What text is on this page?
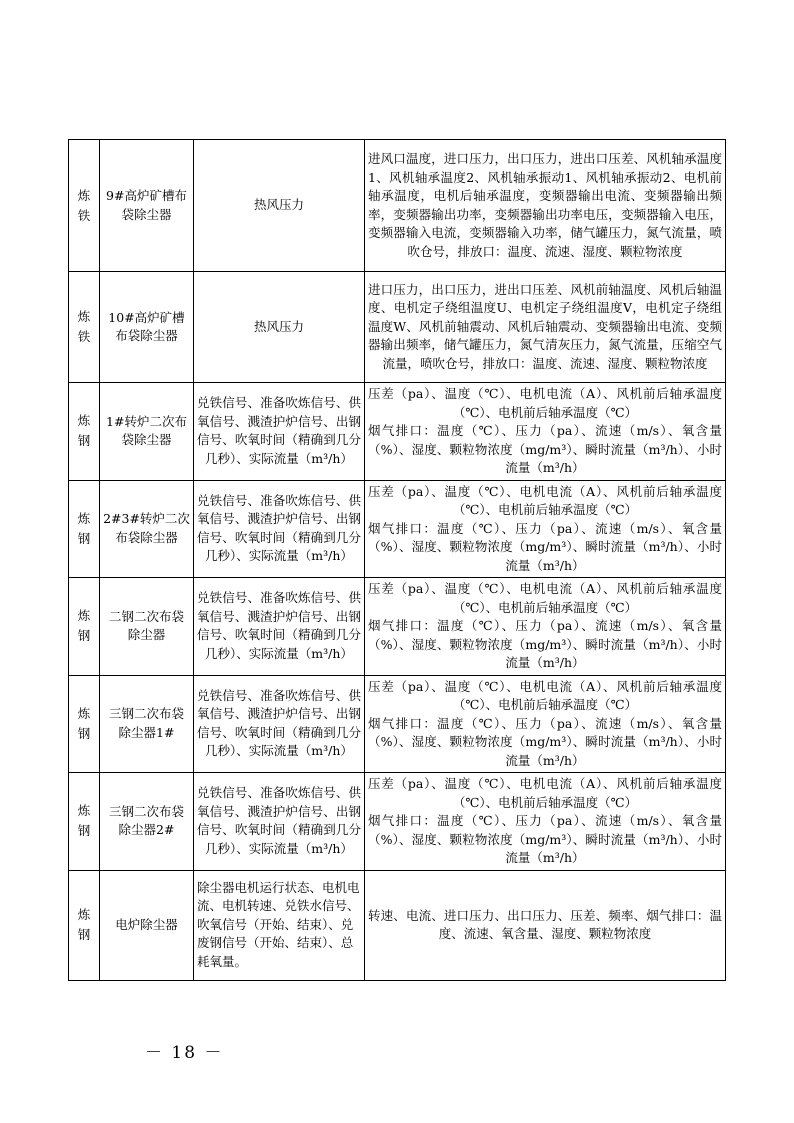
炼铁	9#高炉矿槽布袋除尘器	热风压力	进风口温度，进口压力，出口压力，进出口压差、风机轴承温度1、风机轴承温度2、风机轴承振动1、风机轴承振动2、电机前轴承温度，电机后轴承温度，变频器输出电流、变频器输出频率，变频器输出功率，变频器输出功率电压，变频器输入电压，变频器输入电流，变频器输入功率，储气罐压力，氮气流量，喷吹仓号，排放口：温度、流速、湿度、颗粒物浓度

炼铁	10#高炉矿槽布袋除尘器	热风压力	进口压力，出口压力，进出口压差、风机前轴温度、风机后轴温度、电机定子绕组温度U、电机定子绕组温度V，电机定子绕组温度W、风机前轴震动、风机后轴震动、变频器输出电流、变频器输出频率，储气罐压力，氮气清灰压力，氮气流量，压缩空气流量，喷吹仓号，排放口：温度、流速、湿度、颗粒物浓度

炼钢	1#转炉二次布袋除尘器	兑铁信号、准备吹炼信号、供氧信号、溅渣护炉信号、出钢信号、吹氧时间（精确到几分几秒）、实际流量（m³/h）	压差（pa）、温度（℃）、电机电流（A）、风机前后轴承温度（℃）、电机前后轴承温度（℃）
烟气排口：温度（℃）、压力（pa）、流速（m/s）、氧含量（%）、湿度、颗粒物浓度（mg/m³）、瞬时流量（m³/h）、小时流量（m³/h）

炼钢	2#3#转炉二次布袋除尘器	兑铁信号、准备吹炼信号、供氧信号、溅渣护炉信号、出钢信号、吹氧时间（精确到几分几秒）、实际流量（m³/h）	压差（pa）、温度（℃）、电机电流（A）、风机前后轴承温度（℃）、电机前后轴承温度（℃）
烟气排口：温度（℃）、压力（pa）、流速（m/s）、氧含量（%）、湿度、颗粒物浓度（mg/m³）、瞬时流量（m³/h）、小时流量（m³/h）

炼钢	二钢二次布袋除尘器	兑铁信号、准备吹炼信号、供氧信号、溅渣护炉信号、出钢信号、吹氧时间（精确到几分几秒）、实际流量（m³/h）	压差（pa）、温度（℃）、电机电流（A）、风机前后轴承温度（℃）、电机前后轴承温度（℃）
烟气排口：温度（℃）、压力（pa）、流速（m/s）、氧含量（%）、湿度、颗粒物浓度（mg/m³）、瞬时流量（m³/h）、小时流量（m³/h）

炼钢	三钢二次布袋除尘器1#	兑铁信号、准备吹炼信号、供氧信号、溅渣护炉信号、出钢信号、吹氧时间（精确到几分几秒）、实际流量（m³/h）	压差（pa）、温度（℃）、电机电流（A）、风机前后轴承温度（℃）、电机前后轴承温度（℃）
烟气排口：温度（℃）、压力（pa）、流速（m/s）、氧含量（%）、湿度、颗粒物浓度（mg/m³）、瞬时流量（m³/h）、小时流量（m³/h）

炼钢	三钢二次布袋除尘器2#	兑铁信号、准备吹炼信号、供氧信号、溅渣护炉信号、出钢信号、吹氧时间（精确到几分几秒）、实际流量（m³/h）	压差（pa）、温度（℃）、电机电流（A）、风机前后轴承温度（℃）、电机前后轴承温度（℃）
烟气排口：温度（℃）、压力（pa）、流速（m/s）、氧含量（%）、湿度、颗粒物浓度（mg/m³）、瞬时流量（m³/h）、小时流量（m³/h）

炼钢	电炉除尘器	除尘器电机运行状态、电机电流、电机转速、兑铁水信号、吹氧信号（开始、结束）、兑废钢信号（开始、结束）、总耗氧量。	转速、电流、进口压力、出口压力、压差、频率、烟气排口：温度、流速、氧含量、湿度、颗粒物浓度
－ 18 －
